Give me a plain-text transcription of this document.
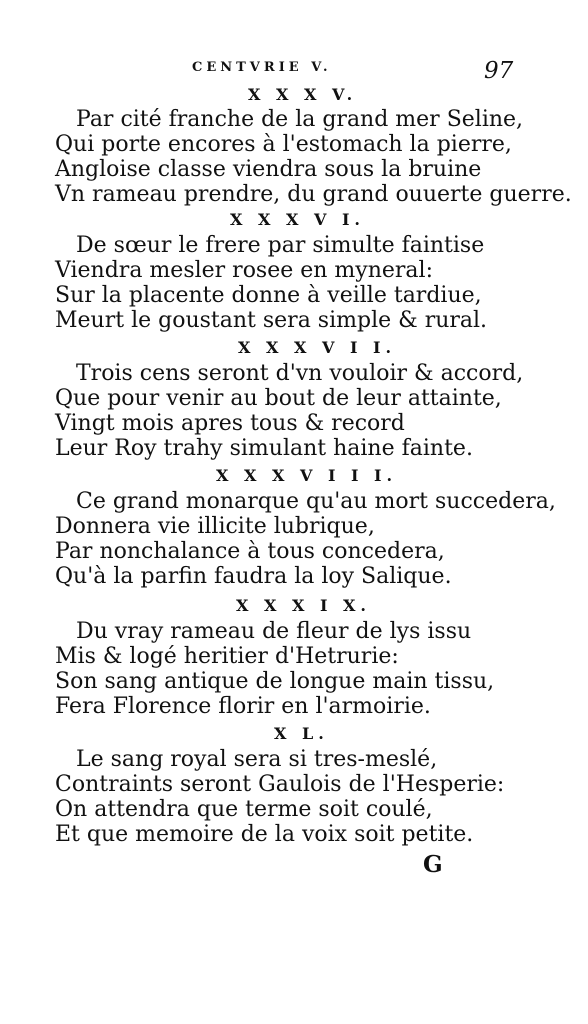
CENTVRIE V.	97
X X X V.
Par cité franche de la grand mer Seline,
Qui porte encores à l'estomach la pierre,
Angloise classe viendra sous la bruine
Vn rameau prendre, du grand ouuerte guerre.
X X X V I.
De sœur le frere par simulte faintise
Viendra mesler rosee en myneral:
Sur la placente donne à veille tardiue,
Meurt le goustant sera simple & rural.
X X X V I I.
Trois cens seront d'vn vouloir & accord,
Que pour venir au bout de leur attainte,
Vingt mois apres tous & record
Leur Roy trahy simulant haine fainte.
X X X V I I I.
Ce grand monarque qu'au mort succedera,
Donnera vie illicite lubrique,
Par nonchalance à tous concedera,
Qu'à la parfin faudra la loy Salique.
X X X I X.
Du vray rameau de fleur de lys issu
Mis & logé heritier d'Hetrurie:
Son sang antique de longue main tissu,
Fera Florence florir en l'armoirie.
X L.
Le sang royal sera si tres-meslé,
Contraints seront Gaulois de l'Hesperie:
On attendra que terme soit coulé,
Et que memoire de la voix soit petite.
G
